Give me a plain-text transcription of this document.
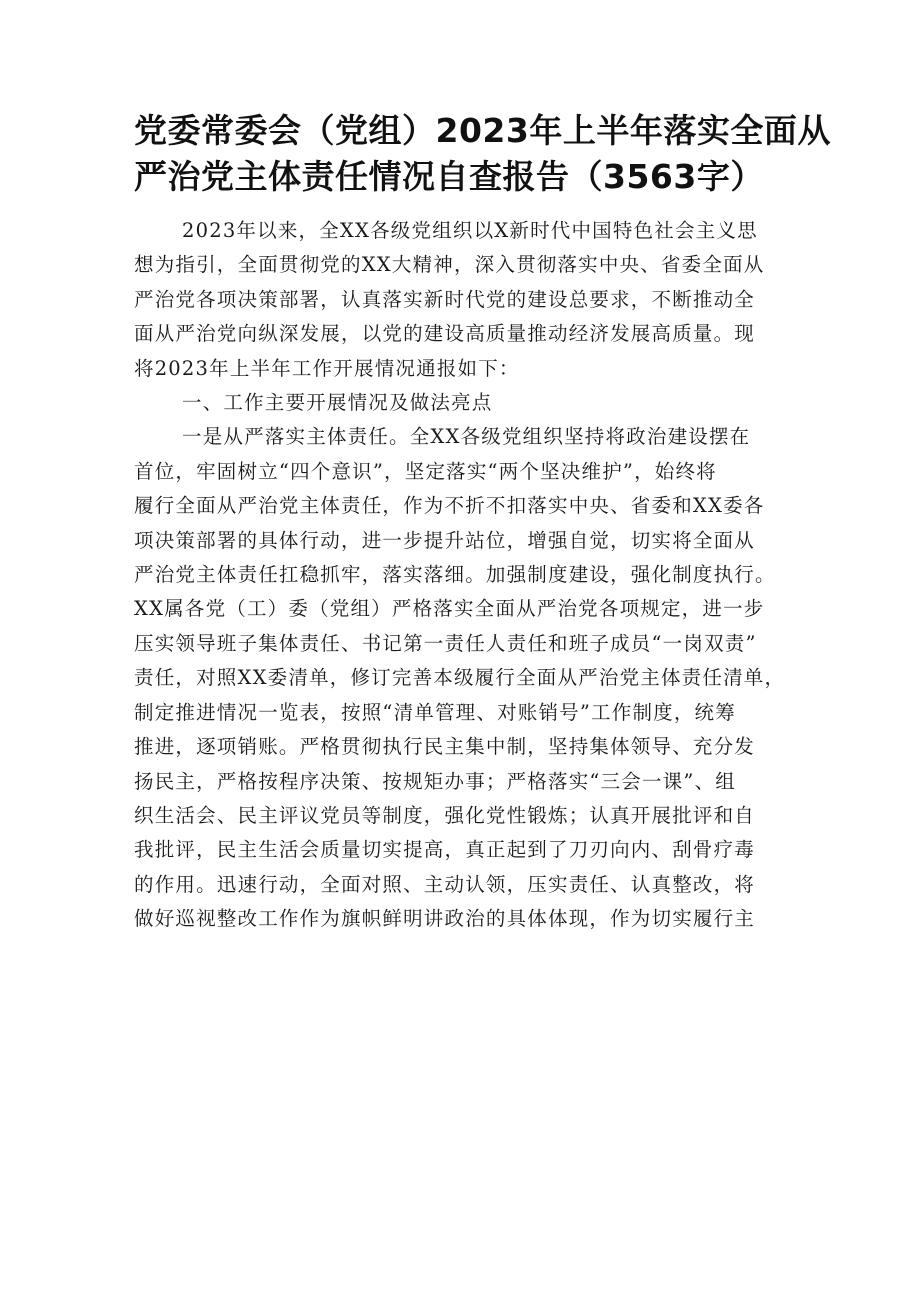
党委常委会（党组）2023年上半年落实全面从
严治党主体责任情况自查报告（3563字）
2023年以来，全XX各级党组织以X新时代中国特色社会主义思
想为指引，全面贯彻党的XX大精神，深入贯彻落实中央、省委全面从
严治党各项决策部署，认真落实新时代党的建设总要求，不断推动全
面从严治党向纵深发展，以党的建设高质量推动经济发展高质量。现
将2023年上半年工作开展情况通报如下：
一、工作主要开展情况及做法亮点
一是从严落实主体责任。全XX各级党组织坚持将政治建设摆在
首位，牢固树立“四个意识”，坚定落实“两个坚决维护”，始终将
履行全面从严治党主体责任，作为不折不扣落实中央、省委和XX委各
项决策部署的具体行动，进一步提升站位，增强自觉，切实将全面从
严治党主体责任扛稳抓牢，落实落细。加强制度建设，强化制度执行。
XX属各党（工）委（党组）严格落实全面从严治党各项规定，进一步
压实领导班子集体责任、书记第一责任人责任和班子成员“一岗双责”
责任，对照XX委清单，修订完善本级履行全面从严治党主体责任清单，
制定推进情况一览表，按照“清单管理、对账销号”工作制度，统筹
推进，逐项销账。严格贯彻执行民主集中制，坚持集体领导、充分发
扬民主，严格按程序决策、按规矩办事；严格落实“三会一课”、组
织生活会、民主评议党员等制度，强化党性锻炼；认真开展批评和自
我批评，民主生活会质量切实提高，真正起到了刀刃向内、刮骨疗毒
的作用。迅速行动，全面对照、主动认领，压实责任、认真整改，将
做好巡视整改工作作为旗帜鲜明讲政治的具体体现，作为切实履行主
